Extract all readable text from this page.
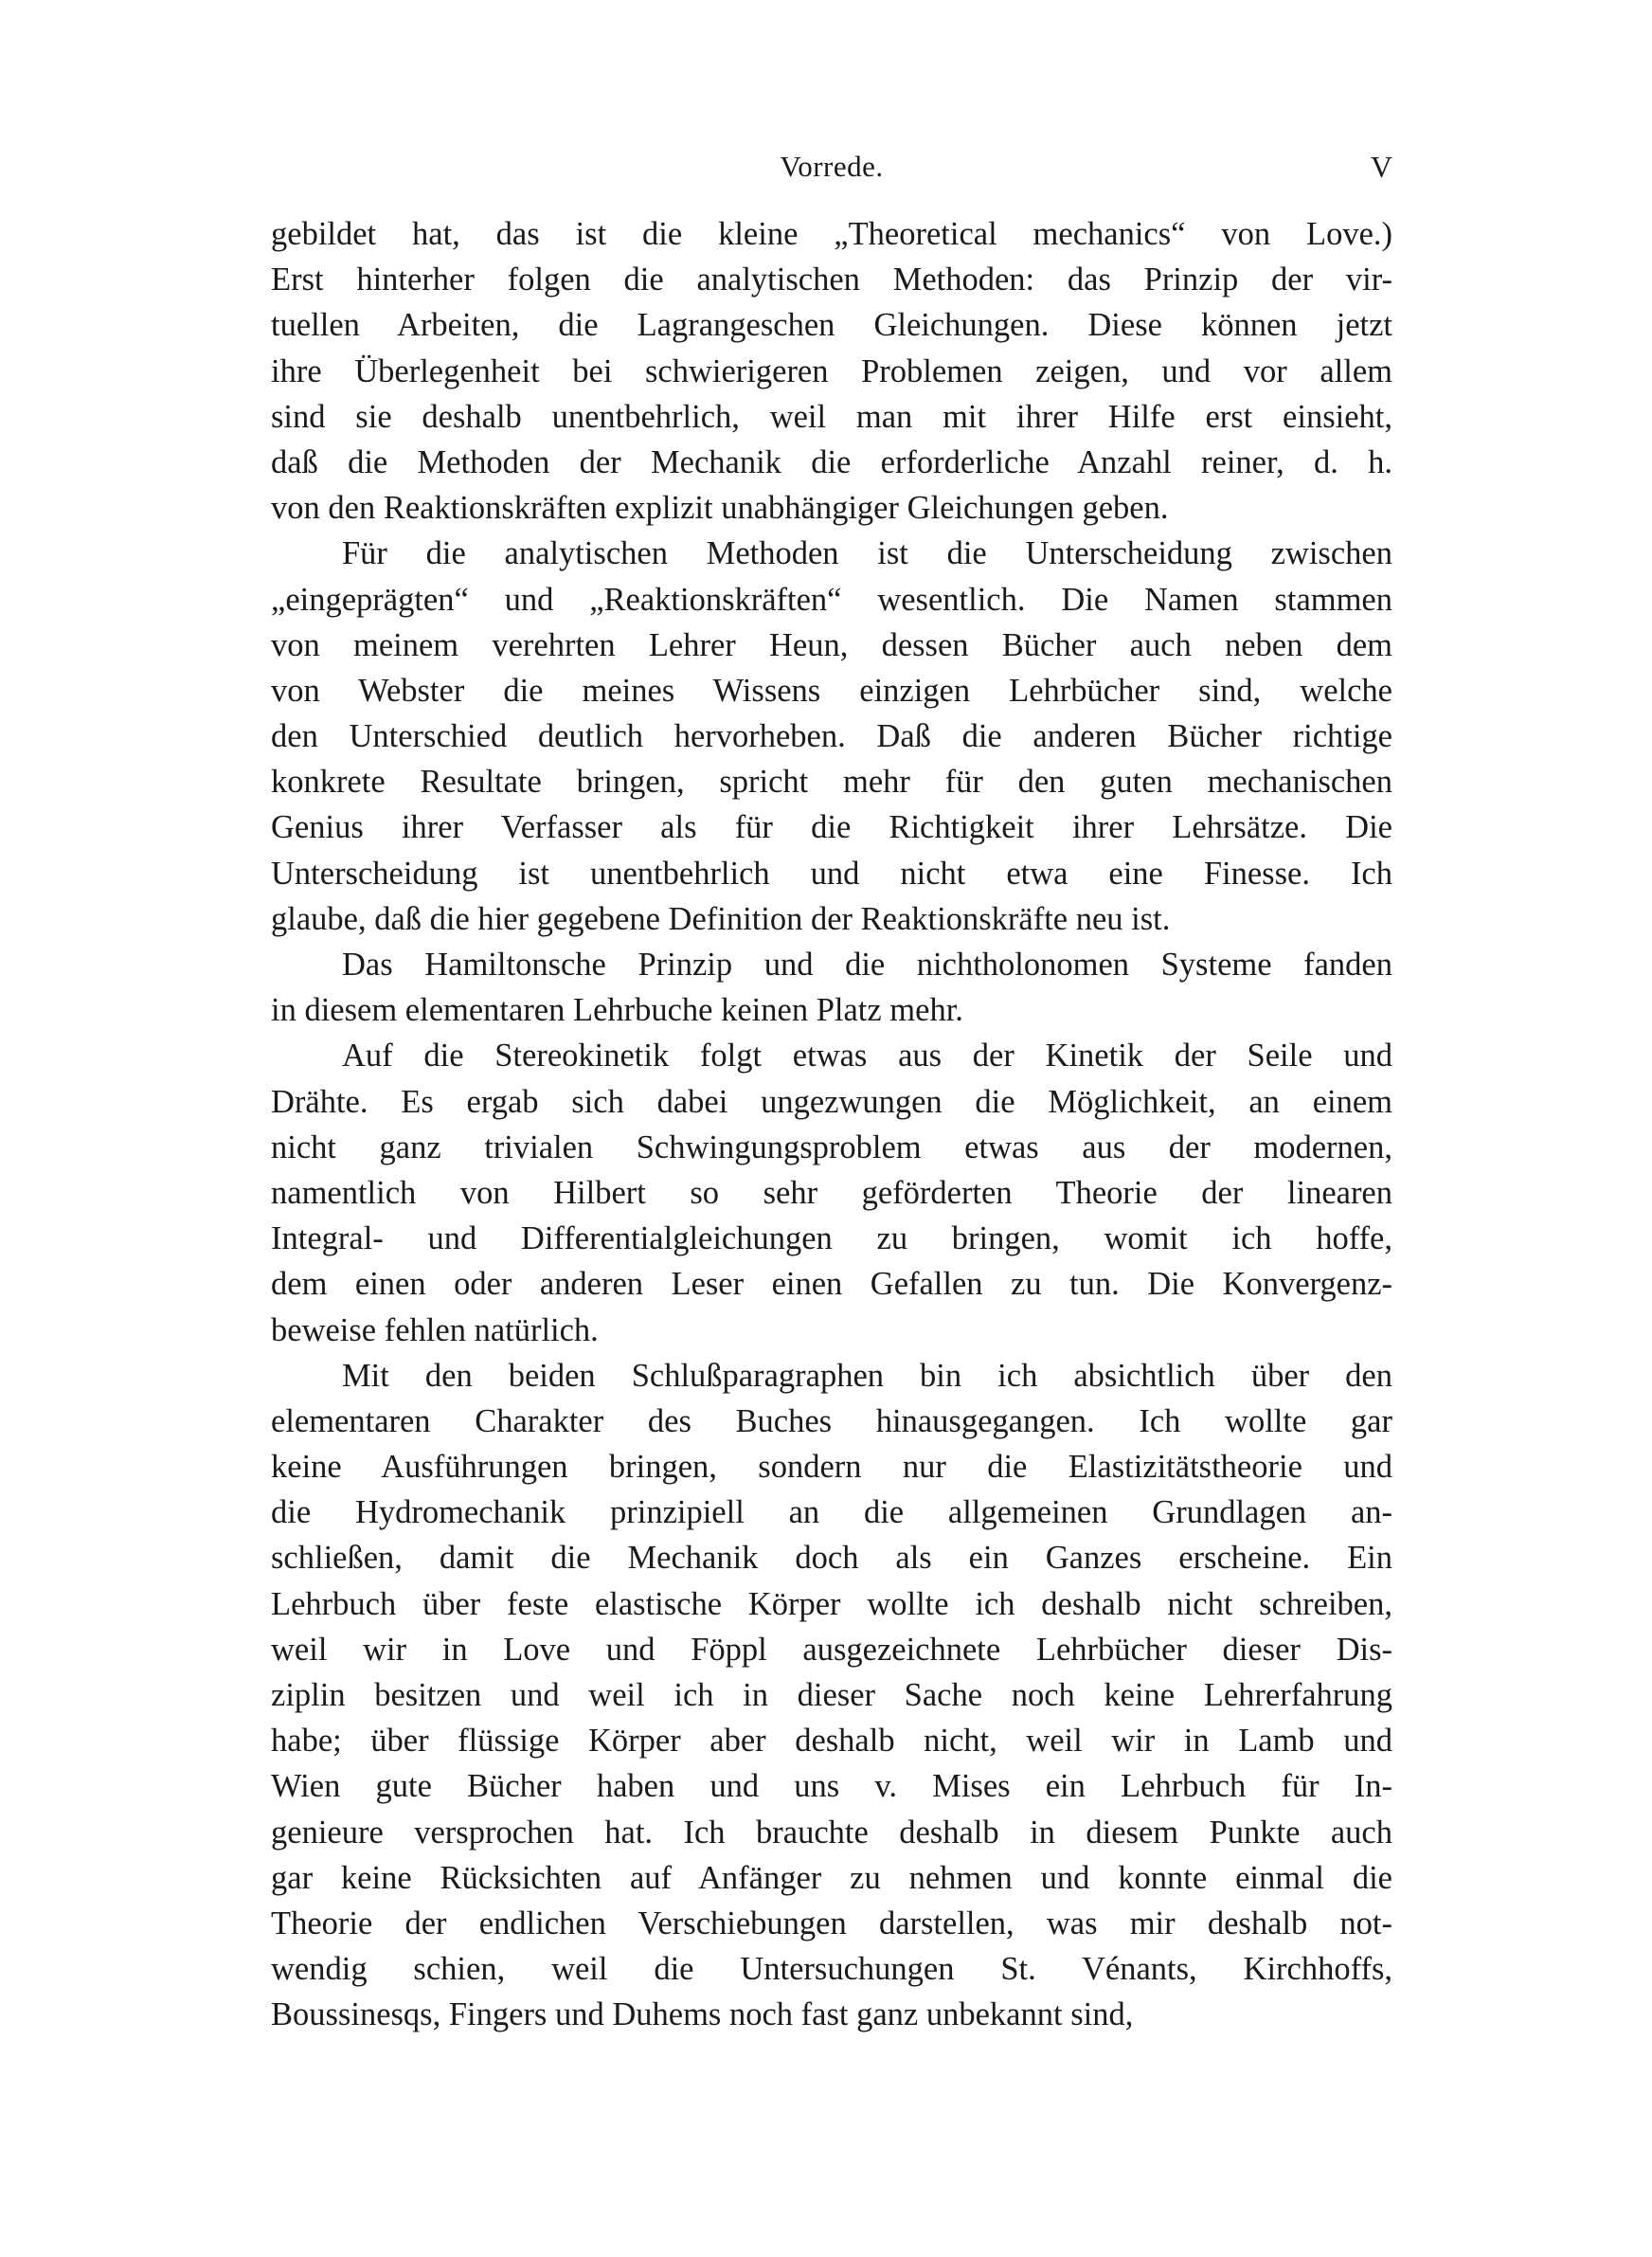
Vorrede.	V
gebildet hat, das ist die kleine „Theoretical mechanics“ von Love.)
Erst hinterher folgen die analytischen Methoden: das Prinzip der vir-
tuellen Arbeiten, die Lagrangeschen Gleichungen. Diese können jetzt
ihre Überlegenheit bei schwierigeren Problemen zeigen, und vor allem
sind sie deshalb unentbehrlich, weil man mit ihrer Hilfe erst einsieht,
daß die Methoden der Mechanik die erforderliche Anzahl reiner, d. h.
von den Reaktionskräften explizit unabhängiger Gleichungen geben.
Für die analytischen Methoden ist die Unterscheidung zwischen
„eingeprägten“ und „Reaktionskräften“ wesentlich. Die Namen stammen
von meinem verehrten Lehrer Heun, dessen Bücher auch neben dem
von Webster die meines Wissens einzigen Lehrbücher sind, welche
den Unterschied deutlich hervorheben. Daß die anderen Bücher richtige
konkrete Resultate bringen, spricht mehr für den guten mechanischen
Genius ihrer Verfasser als für die Richtigkeit ihrer Lehrsätze. Die
Unterscheidung ist unentbehrlich und nicht etwa eine Finesse. Ich
glaube, daß die hier gegebene Definition der Reaktionskräfte neu ist.
Das Hamiltonsche Prinzip und die nichtholonomen Systeme fanden
in diesem elementaren Lehrbuche keinen Platz mehr.
Auf die Stereokinetik folgt etwas aus der Kinetik der Seile und
Drähte. Es ergab sich dabei ungezwungen die Möglichkeit, an einem
nicht ganz trivialen Schwingungsproblem etwas aus der modernen,
namentlich von Hilbert so sehr geförderten Theorie der linearen
Integral- und Differentialgleichungen zu bringen, womit ich hoffe,
dem einen oder anderen Leser einen Gefallen zu tun. Die Konvergenz-
beweise fehlen natürlich.
Mit den beiden Schlußparagraphen bin ich absichtlich über den
elementaren Charakter des Buches hinausgegangen. Ich wollte gar
keine Ausführungen bringen, sondern nur die Elastizitätstheorie und
die Hydromechanik prinzipiell an die allgemeinen Grundlagen an-
schließen, damit die Mechanik doch als ein Ganzes erscheine. Ein
Lehrbuch über feste elastische Körper wollte ich deshalb nicht schreiben,
weil wir in Love und Föppl ausgezeichnete Lehrbücher dieser Dis-
ziplin besitzen und weil ich in dieser Sache noch keine Lehrerfahrung
habe; über flüssige Körper aber deshalb nicht, weil wir in Lamb und
Wien gute Bücher haben und uns v. Mises ein Lehrbuch für In-
genieure versprochen hat. Ich brauchte deshalb in diesem Punkte auch
gar keine Rücksichten auf Anfänger zu nehmen und konnte einmal die
Theorie der endlichen Verschiebungen darstellen, was mir deshalb not-
wendig schien, weil die Untersuchungen St. Vénants, Kirchhoffs,
Boussinesqs, Fingers und Duhems noch fast ganz unbekannt sind,
